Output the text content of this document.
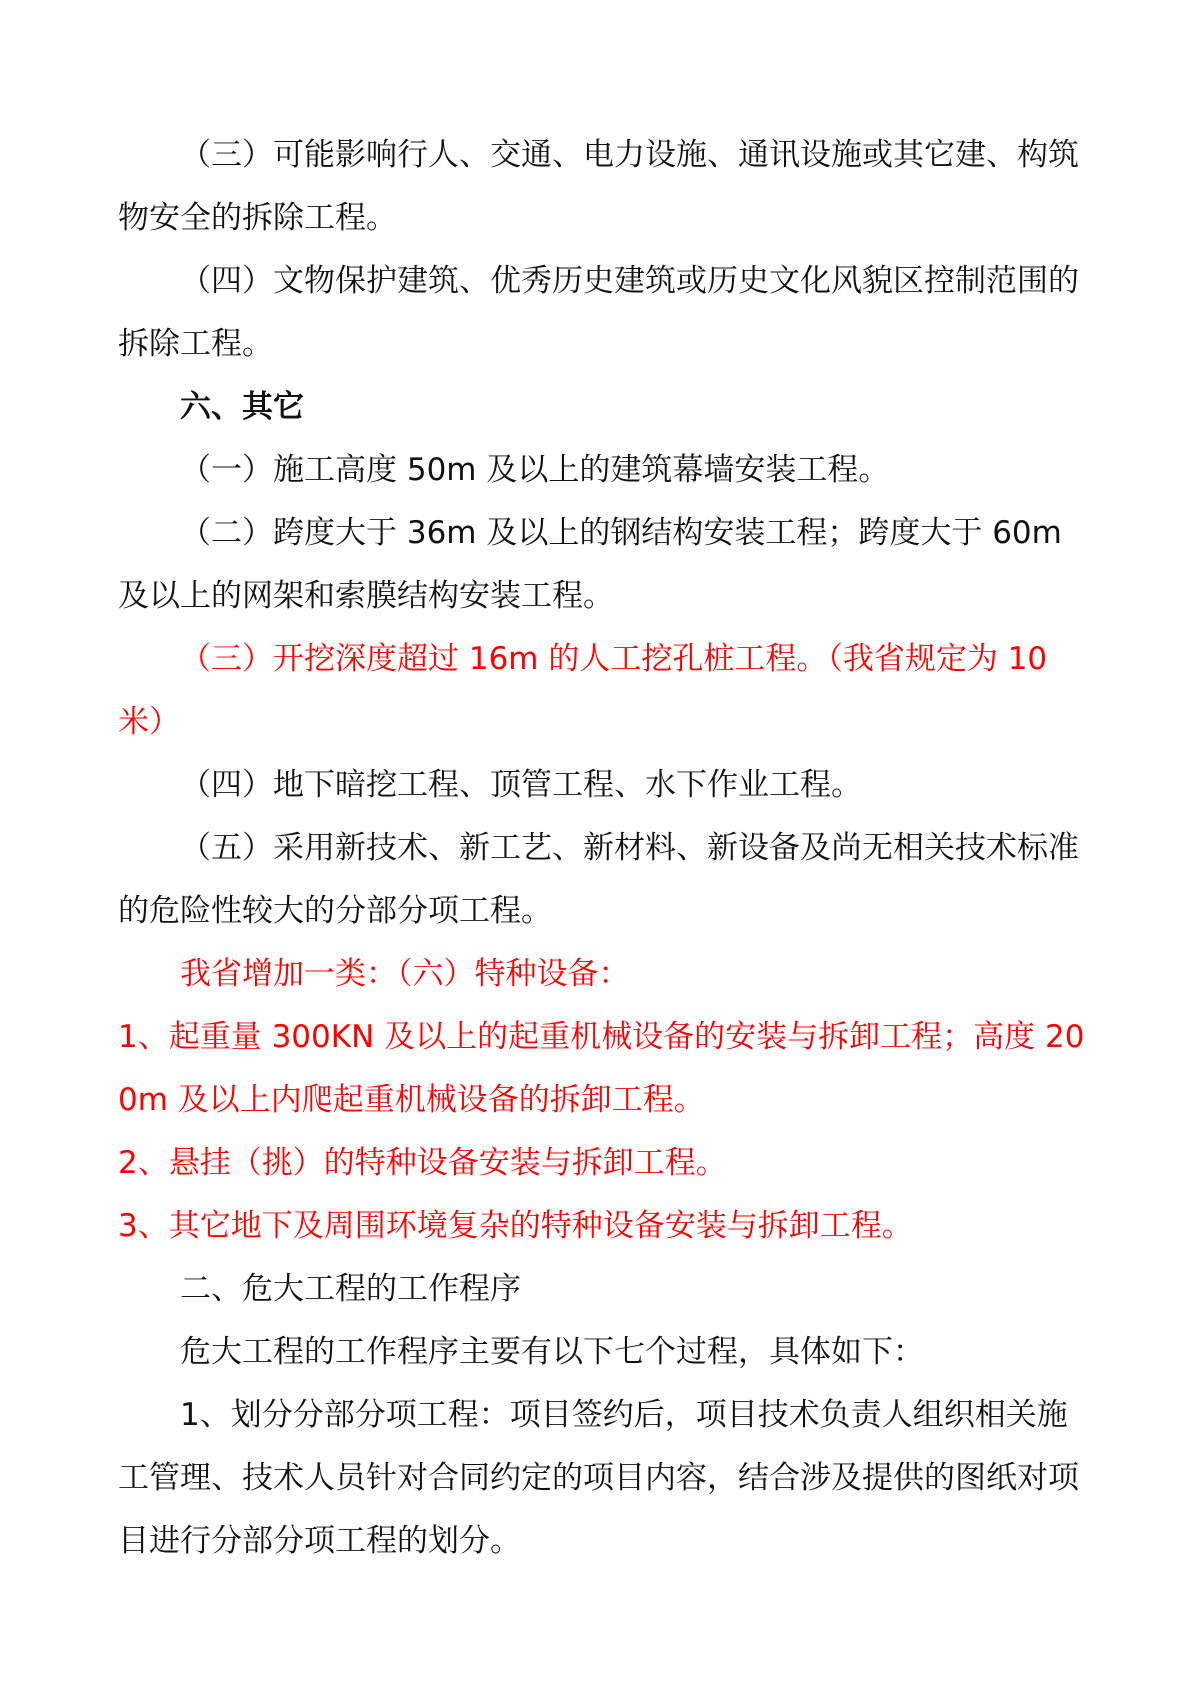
（三）可能影响行人、交通、电力设施、通讯设施或其它建、构筑物安全的拆除工程。

（四）文物保护建筑、优秀历史建筑或历史文化风貌区控制范围的拆除工程。

六、其它

（一）施工高度 50m 及以上的建筑幕墙安装工程。

（二）跨度大于 36m 及以上的钢结构安装工程；跨度大于 60m 及以上的网架和索膜结构安装工程。

（三）开挖深度超过 16m 的人工挖孔桩工程。（我省规定为 10 米）

（四）地下暗挖工程、顶管工程、水下作业工程。

（五）采用新技术、新工艺、新材料、新设备及尚无相关技术标准的危险性较大的分部分项工程。

我省增加一类：（六）特种设备：

1、起重量 300KN 及以上的起重机械设备的安装与拆卸工程；高度 200m 及以上内爬起重机械设备的拆卸工程。

2、悬挂（挑）的特种设备安装与拆卸工程。

3、其它地下及周围环境复杂的特种设备安装与拆卸工程。

二、危大工程的工作程序

危大工程的工作程序主要有以下七个过程，具体如下：

1、划分分部分项工程：项目签约后，项目技术负责人组织相关施工管理、技术人员针对合同约定的项目内容，结合涉及提供的图纸对项目进行分部分项工程的划分。
